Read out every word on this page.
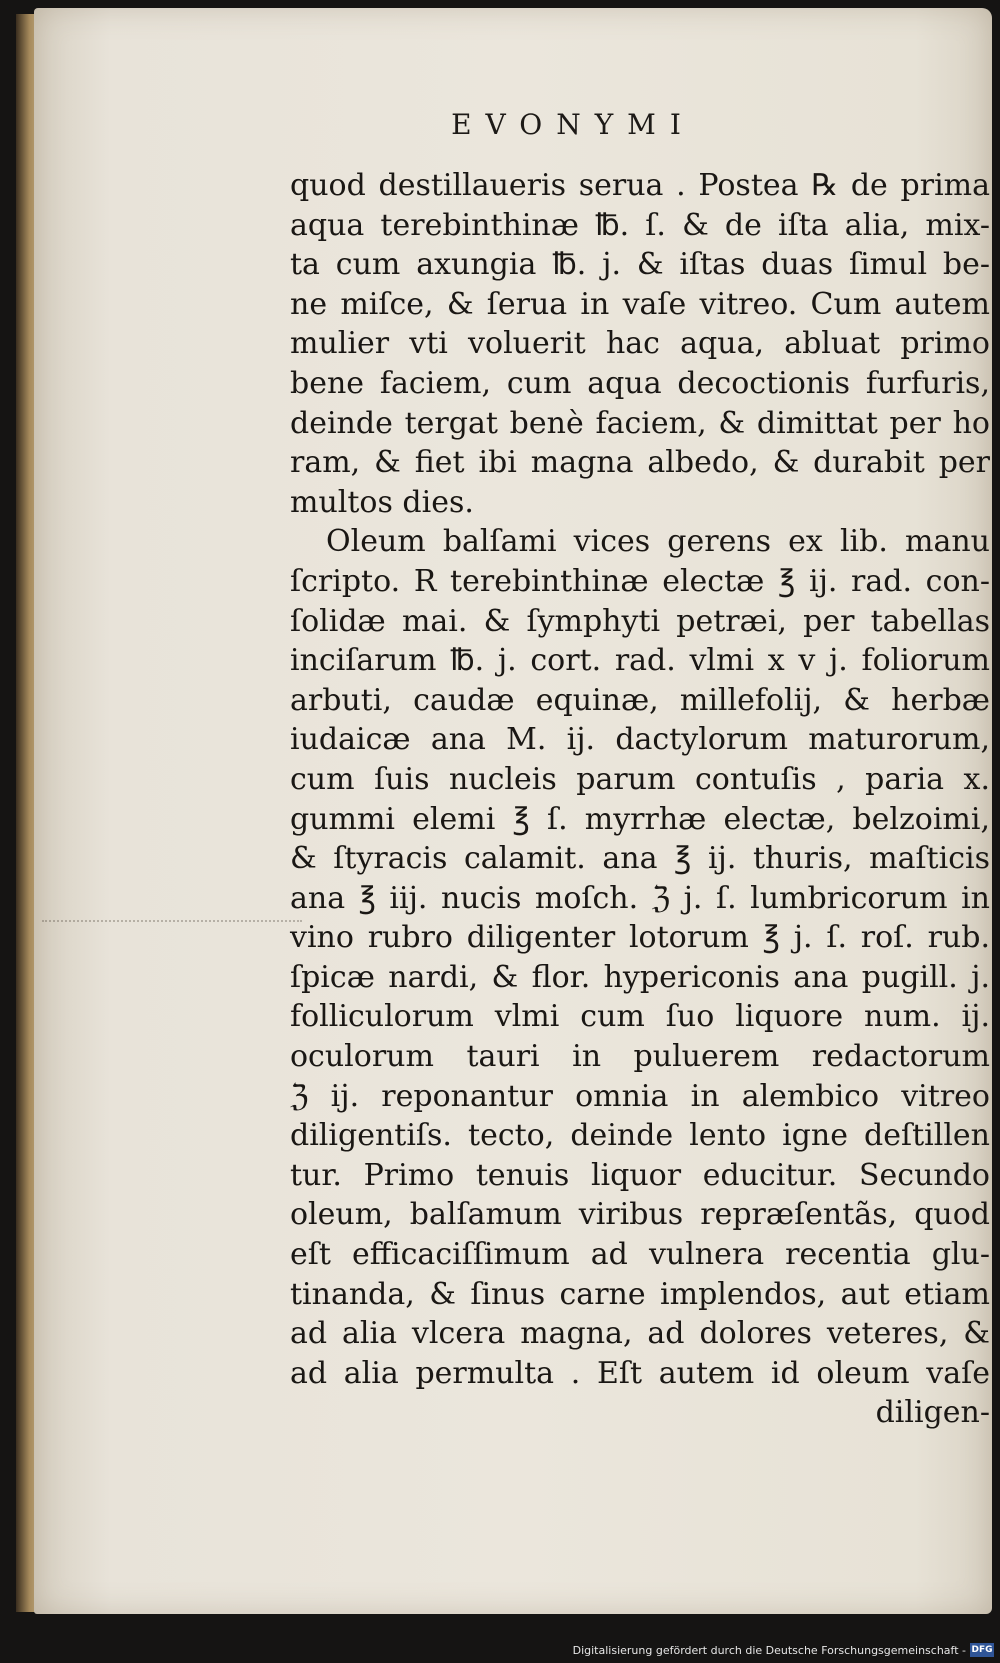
EVONYMI
quod destillaueris serua . Postea ℞ de prima
aqua terebinthinæ ℔. ſ. & de iſta alia, mix-
ta cum axungia ℔. j. & iſtas duas ſimul be-
ne miſce, & ſerua in vaſe vitreo. Cum autem
mulier vti voluerit hac aqua, abluat primo
bene faciem, cum aqua decoctionis furfuris,
deinde tergat benè faciem, & dimittat per ho
ram, & fiet ibi magna albedo, & durabit per
multos dies.
Oleum balſami vices gerens ex lib. manu
ſcripto. R terebinthinæ electæ ℥ ij. rad. con-
ſolidæ mai. & ſymphyti petræi, per tabellas
inciſarum ℔. j. cort. rad. vlmi x v j. foliorum
arbuti, caudæ equinæ, millefolij, & herbæ
iudaicæ ana M. ij. dactylorum maturorum,
cum ſuis nucleis parum contuſis , paria x.
gummi elemi ℥ ſ. myrrhæ electæ, belzoimi,
& ſtyracis calamit. ana ℥ ij. thuris, maſticis
ana ℥ iij. nucis moſch. ℨ j. ſ. lumbricorum in
vino rubro diligenter lotorum ℥ j. ſ. roſ. rub.
ſpicæ nardi, & flor. hypericonis ana pugill. j.
folliculorum vlmi cum ſuo liquore num. ij.
oculorum tauri in puluerem redactorum
ℨ ij. reponantur omnia in alembico vitreo
diligentiſs. tecto, deinde lento igne deſtillen
tur. Primo tenuis liquor educitur. Secundo
oleum, balſamum viribus repræſentãs, quod
eſt efficaciſſimum ad vulnera recentia glu-
tinanda, & ſinus carne implendos, aut etiam
ad alia vlcera magna, ad dolores veteres, &
ad alia permulta . Eſt autem id oleum vaſe
diligen-
Digitalisierung gefördert durch die Deutsche Forschungsgemeinschaft - DFG
